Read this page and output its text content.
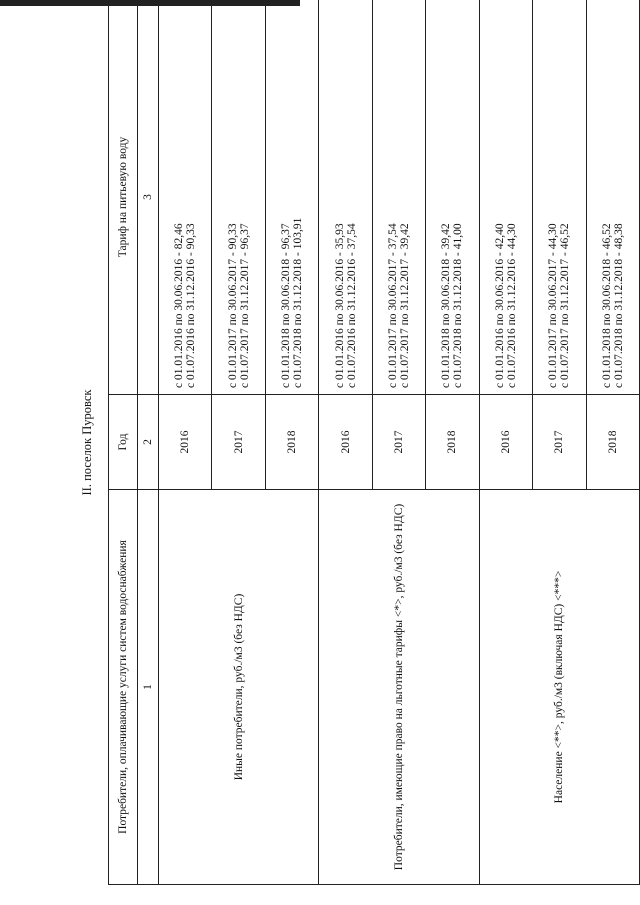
II. поселок Пуровск
Потребители, оплачивающие услуги систем водоснабжения	Год	Тариф на питьевую воду
1	2	3
Иные потребители, руб./м3 (без НДС)	2016	с 01.01.2016 по 30.06.2016 - 82,46 с 01.07.2016 по 31.12.2016 - 90,33

	2017	с 01.01.2017 по 30.06.2017 - 90,33 с 01.07.2017 по 31.12.2017 - 96,37

	2018	с 01.01.2018 по 30.06.2018 - 96,37 с 01.07.2018 по 31.12.2018 - 103,91

Потребители, имеющие право на льготные тарифы <*>, руб./м3 (без НДС)	2016	с 01.01.2016 по 30.06.2016 - 35,93 с 01.07.2016 по 31.12.2016 - 37,54

	2017	с 01.01.2017 по 30.06.2017 - 37,54 с 01.07.2017 по 31.12.2017 - 39,42

	2018	с 01.01.2018 по 30.06.2018 - 39,42 с 01.07.2018 по 31.12.2018 - 41,00

Население <**>, руб./м3 (включая НДС) <***>	2016	с 01.01.2016 по 30.06.2016 - 42,40 с 01.07.2016 по 31.12.2016 - 44,30

	2017	с 01.01.2017 по 30.06.2017 - 44,30 с 01.07.2017 по 31.12.2017 - 46,52

	2018	с 01.01.2018 по 30.06.2018 - 46,52 с 01.07.2018 по 31.12.2018 - 48,38
